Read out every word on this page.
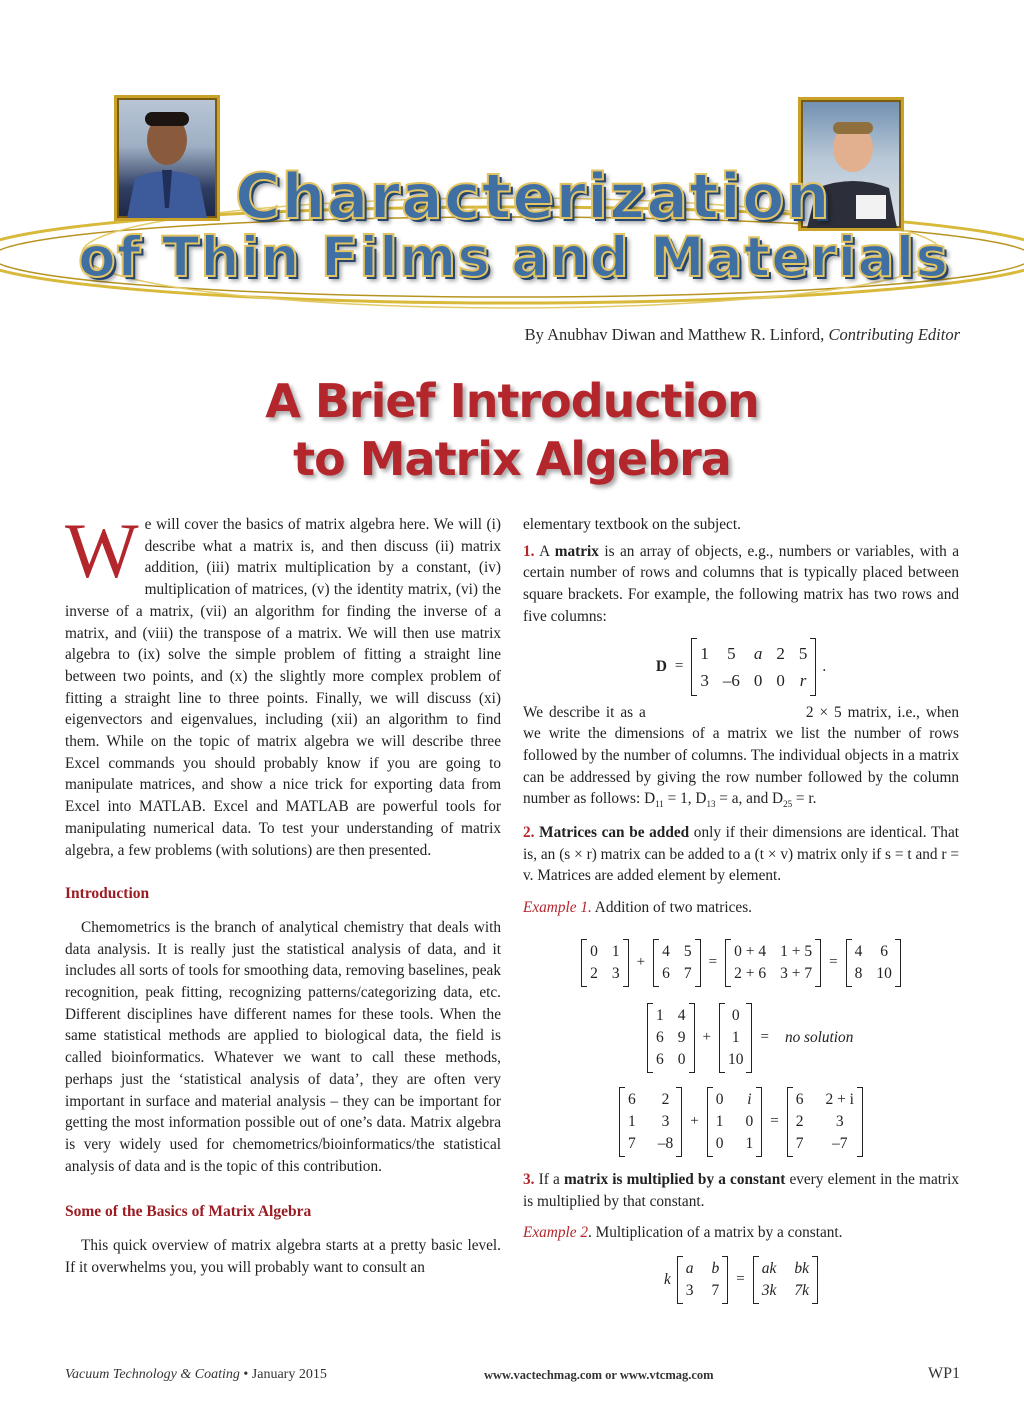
Characterization
of Thin Films and Materials
By Anubhav Diwan and Matthew R. Linford, Contributing Editor
A Brief Introduction
to Matrix Algebra

We will cover the basics of matrix algebra here. We will (i) describe what a matrix is, and then discuss (ii) matrix addition, (iii) matrix multiplication by a constant, (iv) multiplication of matrices, (v) the identity matrix, (vi) the inverse of a matrix, (vii) an algorithm for finding the inverse of a matrix, and (viii) the transpose of a matrix. We will then use matrix algebra to (ix) solve the simple problem of fitting a straight line between two points, and (x) the slightly more complex problem of fitting a straight line to three points. Finally, we will discuss (xi) eigenvectors and eigenvalues, including (xii) an algorithm to find them. While on the topic of matrix algebra we will describe three Excel commands you should probably know if you are going to manipulate matrices, and show a nice trick for exporting data from Excel into MATLAB. Excel and MATLAB are powerful tools for manipulating numerical data. To test your understanding of matrix algebra, a few problems (with solutions) are then presented.

Introduction

Chemometrics is the branch of analytical chemistry that deals with data analysis. It is really just the statistical analysis of data, and it includes all sorts of tools for smoothing data, removing baselines, peak recognition, peak fitting, recognizing patterns/categorizing data, etc. Different disciplines have different names for these tools. When the same statistical methods are applied to biological data, the field is called bioinformatics. Whatever we want to call these methods, perhaps just the ‘statistical analysis of data’, they are often very important in surface and material analysis – they can be important for getting the most information possible out of one’s data. Matrix algebra is very widely used for chemometrics/bioinformatics/the statistical analysis of data and is the topic of this contribution.

Some of the Basics of Matrix Algebra

This quick overview of matrix algebra starts at a pretty basic level. If it overwhelms you, you will probably want to consult an

elementary textbook on the subject.

1. A matrix is an array of objects, e.g., numbers or variables, with a certain number of rows and columns that is typically placed between square brackets. For example, the following matrix has two rows and five columns:

D =
1 5 a 2 5
3 –6 0 0 r
.

We describe it as a	2 × 5 matrix, i.e., when we write the dimensions of a matrix we list the number of rows followed by the number of columns. The individual objects in a matrix can be addressed by giving the row number followed by the column number as follows: $D_{11} = 1$, $D_{13} = a$, and $D_{25} = r$.

2. Matrices can be added only if their dimensions are identical. That is, an (s × r) matrix can be added to a (t × v) matrix only if s = t and r = v. Matrices are added element by element.

Example 1. Addition of two matrices.

0 1
2 3
+
4 5
6 7
=
0 + 4 1 + 5
2 + 6 3 + 7
=
4 6
8 10
1 4
6 9
6 0
+
0
1
10
= no solution
6 2
1 3
7 –8
+
0 i
1 0
0 1
=
6 2 + i
2	3
7	–7

3. If a matrix is multiplied by a constant every element in the matrix is multiplied by that constant.

Example 2. Multiplication of a matrix by a constant.

k
a b
3 7
=
ak bk
3k 7k
Vacuum Technology & Coating • January 2015	www.vactechmag.com or www.vtcmag.com	WP1
